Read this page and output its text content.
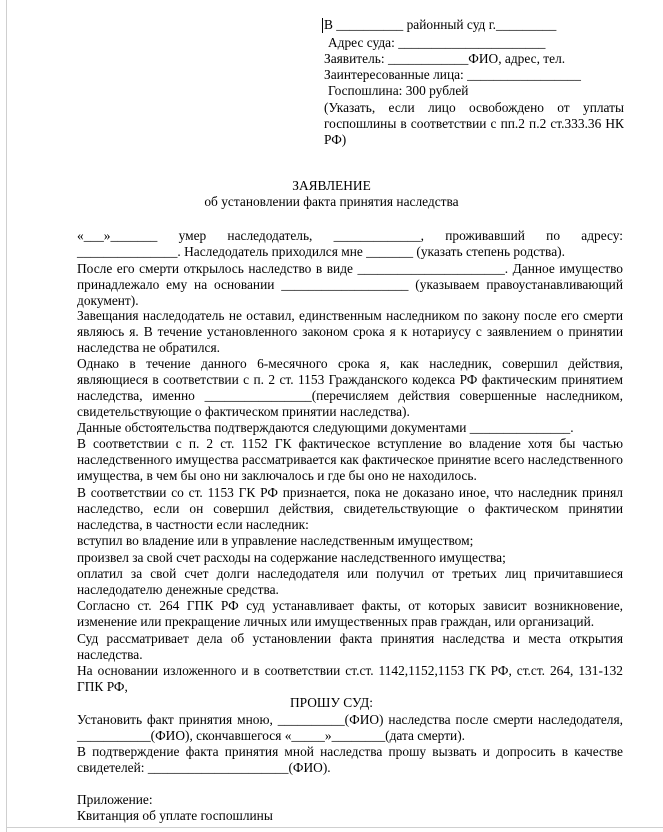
В __________ районный суд г._________
Адрес суда: ______________________
Заявитель: ____________ФИО, адрес, тел.
Заинтересованные лица: _________________
Госпошлина: 300 рублей
(Указать, если лицо освобождено от уплаты госпошлины в соответствии с пп.2 п.2 ст.333.36 НК РФ)
ЗАЯВЛЕНИЕ
об установлении факта принятия наследства
«___»_______ умер наследодатель, _____________, проживавший по адресу:
_______________. Наследодатель приходился мне _______ (указать степень родства).
После его смерти открылось наследство в виде ______________________. Данное имущество принадлежало ему на основании ___________________ (указываем правоустанавливающий документ).
Завещания наследодатель не оставил, единственным наследником по закону после его смерти являюсь я. В течение установленного законом срока я к нотариусу с заявлением о принятии наследства не обратился.
Однако в течение данного 6-месячного срока я, как наследник, совершил действия, являющиеся в соответствии с п. 2 ст. 1153 Гражданского кодекса РФ фактическим принятием наследства, именно ________________(перечисляем действия совершенные наследником, свидетельствующие о фактическом принятии наследства).
Данные обстоятельства подтверждаются следующими документами _______________.
В соответствии с п. 2 ст. 1152 ГК фактическое вступление во владение хотя бы частью наследственного имущества рассматривается как фактическое принятие всего наследственного имущества, в чем бы оно ни заключалось и где бы оно не находилось.
В соответствии со ст. 1153 ГК РФ признается, пока не доказано иное, что наследник принял наследство, если он совершил действия, свидетельствующие о фактическом принятии наследства, в частности если наследник:
вступил во владение или в управление наследственным имуществом;
произвел за свой счет расходы на содержание наследственного имущества;
оплатил за свой счет долги наследодателя или получил от третьих лиц причитавшиеся наследодателю денежные средства.
Согласно ст. 264 ГПК РФ суд устанавливает факты, от которых зависит возникновение, изменение или прекращение личных или имущественных прав граждан, или организаций.
Суд рассматривает дела об установлении факта принятия наследства и места открытия наследства.
На основании изложенного и в соответствии ст.ст. 1142,1152,1153 ГК РФ, ст.ст. 264, 131-132 ГПК РФ,
ПРОШУ СУД:
Установить факт принятия мною, __________(ФИО) наследства после смерти наследодателя, ___________(ФИО), скончавшегося «_____»________(дата смерти).
В подтверждение факта принятия мной наследства прошу вызвать и допросить в качестве свидетелей: _____________________(ФИО).
Приложение:
Квитанция об уплате госпошлины
